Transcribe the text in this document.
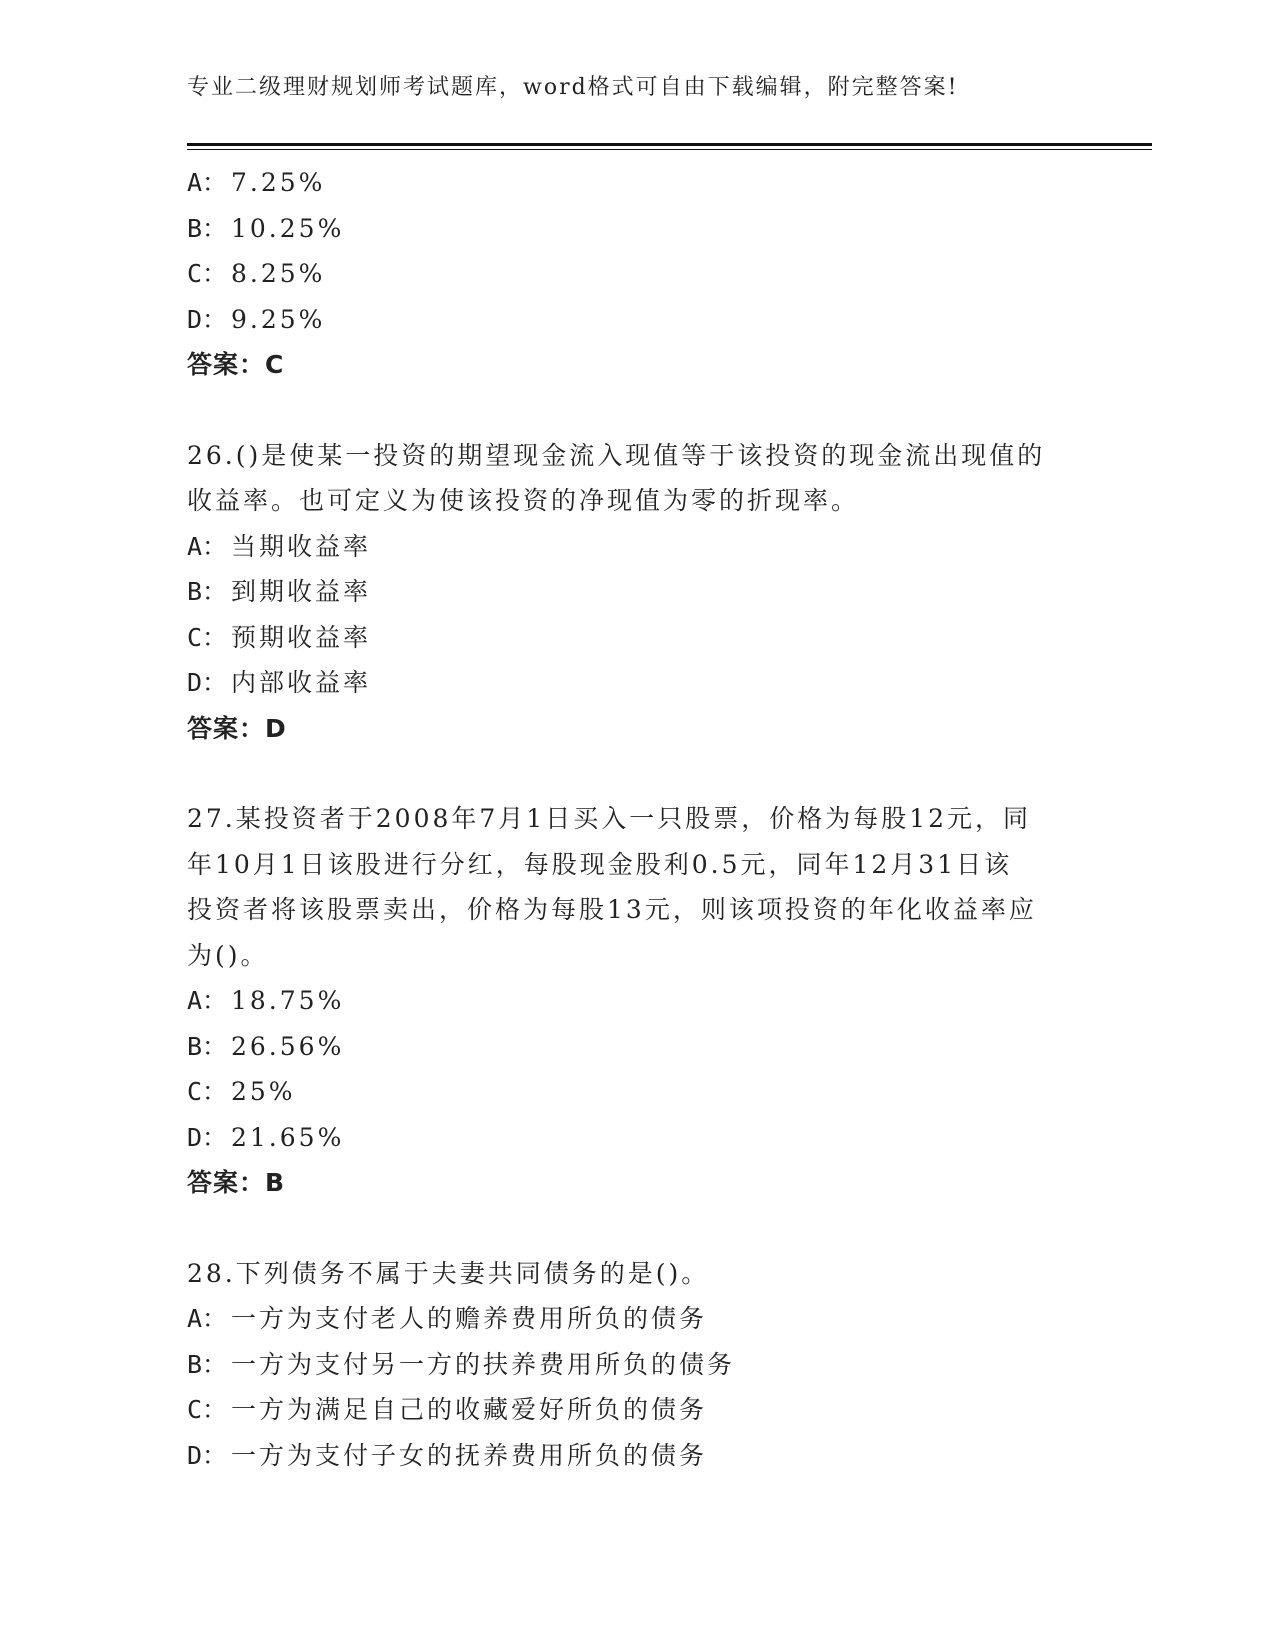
专业二级理财规划师考试题库，word格式可自由下载编辑，附完整答案!
A： 7.25%
B： 10.25%
C： 8.25%
D： 9.25%
答案：C
26.()是使某一投资的期望现金流入现值等于该投资的现金流出现值的
收益率。也可定义为使该投资的净现值为零的折现率。
A： 当期收益率
B： 到期收益率
C： 预期收益率
D： 内部收益率
答案：D
27.某投资者于2008年7月1日买入一只股票，价格为每股12元，同
年10月1日该股进行分红，每股现金股利0.5元，同年12月31日该
投资者将该股票卖出，价格为每股13元，则该项投资的年化收益率应
为()。
A： 18.75%
B： 26.56%
C： 25%
D： 21.65%
答案：B
28.下列债务不属于夫妻共同债务的是()。
A： 一方为支付老人的赡养费用所负的债务
B： 一方为支付另一方的扶养费用所负的债务
C： 一方为满足自己的收藏爱好所负的债务
D： 一方为支付子女的抚养费用所负的债务
